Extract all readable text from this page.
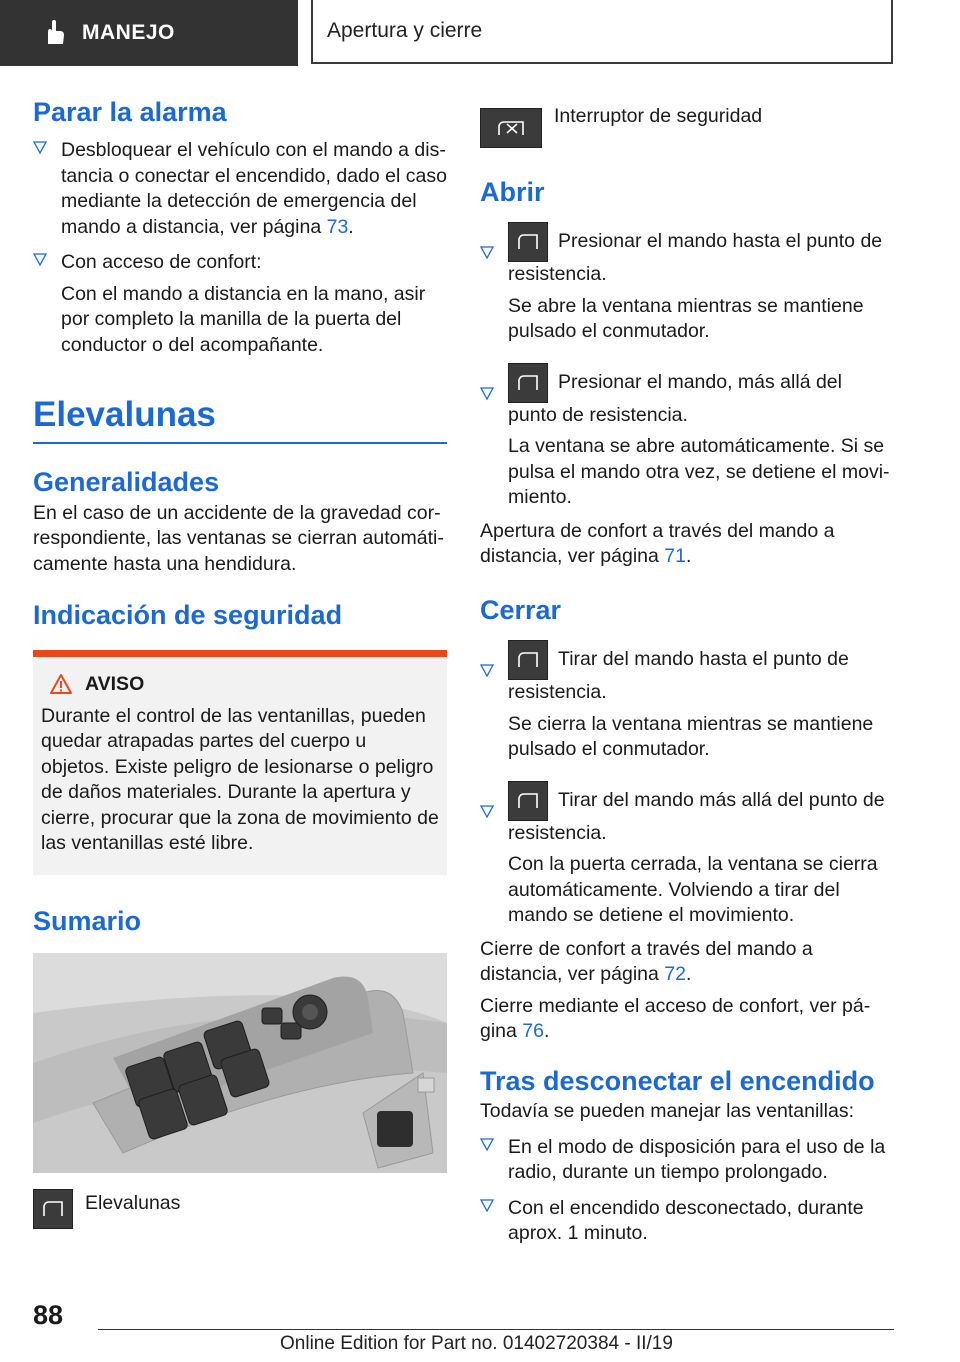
MANEJO	Apertura y cierre
Parar la alarma

Desbloquear el vehículo con el mando a distancia o conectar el encendido, dado el caso mediante la detección de emergencia del mando a distancia, ver página 73.

Con acceso de confort:

Con el mando a distancia en la mano, asir por completo la manilla de la puerta del conductor o del acompañante.

Elevalunas
Generalidades

En el caso de un accidente de la gravedad correspondiente, las ventanas se cierran automáticamente hasta una hendidura.

Indicación de seguridad
AVISO

Durante el control de las ventanillas, pueden quedar atrapadas partes del cuerpo u objetos. Existe peligro de lesionarse o peligro de daños materiales. Durante la apertura y cierre, procurar que la zona de movimiento de las ventanillas esté libre.

Sumario

Elevalunas

Interruptor de seguridad

Abrir

Presionar el mando hasta el punto de resistencia.

Se abre la ventana mientras se mantiene pulsado el conmutador.

Presionar el mando, más allá del punto de resistencia.

La ventana se abre automáticamente. Si se pulsa el mando otra vez, se detiene el movimiento.

Apertura de confort a través del mando a distancia, ver página 71.

Cerrar

Tirar del mando hasta el punto de resistencia.

Se cierra la ventana mientras se mantiene pulsado el conmutador.

Tirar del mando más allá del punto de resistencia.

Con la puerta cerrada, la ventana se cierra automáticamente. Volviendo a tirar del mando se detiene el movimiento.

Cierre de confort a través del mando a distancia, ver página 72.

Cierre mediante el acceso de confort, ver página 76.

Tras desconectar el encendido

Todavía se pueden manejar las ventanillas:

En el modo de disposición para el uso de la radio, durante un tiempo prolongado.

Con el encendido desconectado, durante aprox. 1 minuto.

88
Online Edition for Part no. 01402720384 - II/19
